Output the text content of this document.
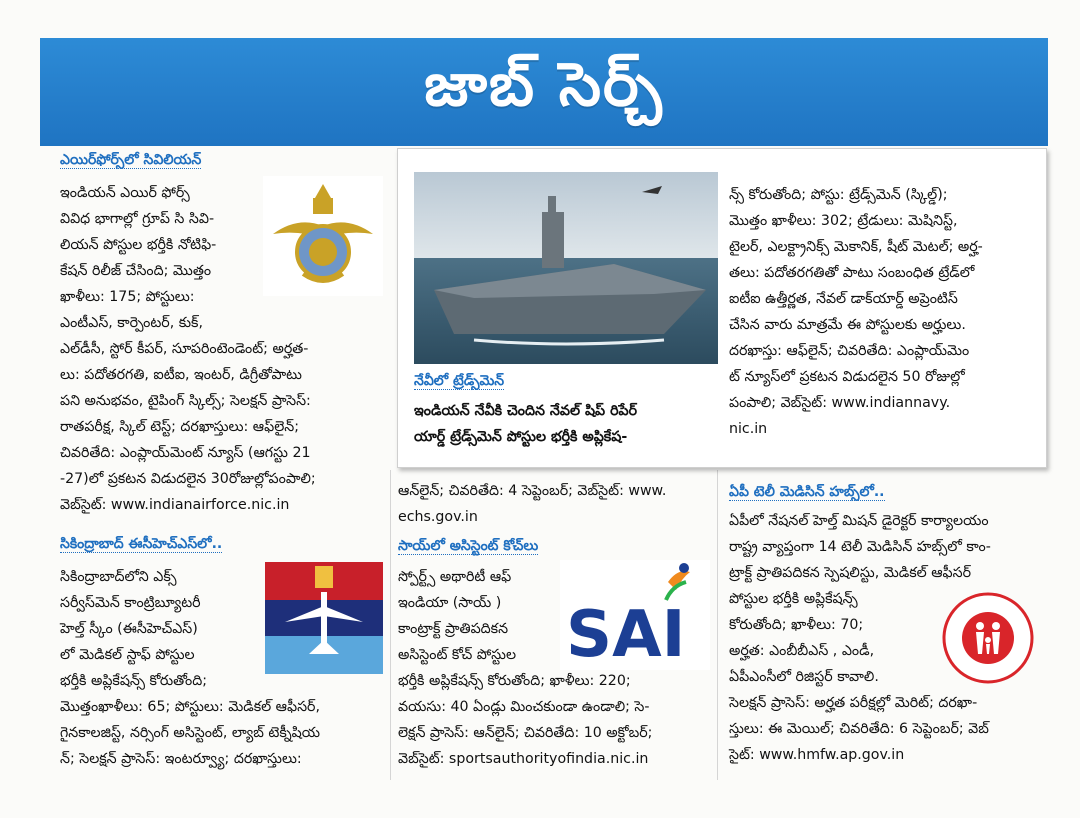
జాబ్ సెర్చ్
ఎయిర్‌ఫోర్స్‌లో సివిలియన్
ఇండియన్ ఎయిర్ ఫోర్స్
వివిధ భాగాల్లో గ్రూప్ సి సివి-
లియన్ పోస్టుల భర్తీకి నోటిఫి-
కేషన్ రిలీజ్ చేసింది; మొత్తం
ఖాళీలు: 175; పోస్టులు:
ఎంటీఎస్, కార్పెంటర్, కుక్,
ఎల్‌డీసీ, స్టోర్ కీపర్, సూపరింటెండెంట్; అర్హత-
లు: పదోతరగతి, ఐటీఐ, ఇంటర్, డిగ్రీతోపాటు
పని అనుభవం, టైపింగ్ స్కిల్స్; సెలక్షన్ ప్రాసెస్:
రాతపరీక్ష, స్కిల్ టెస్ట్; దరఖాస్తులు: ఆఫ్‌లైన్;
చివరితేది: ఎంప్లాయ్‌మెంట్ న్యూస్ (ఆగస్టు 21
-27)లో ప్రకటన విడుదలైన 30రోజుల్లోపంపాలి;
వెబ్‌సైట్: www.indianairforce.nic.in
సికింద్రాబాద్ ఈసీహెచ్ఎస్‌లో..
సికింద్రాబాద్‌లోని ఎక్స్
సర్వీస్‌మెన్ కాంట్రిబ్యూటరీ
హెల్త్ స్కీం (ఈసీహెచ్ఎస్)
లో మెడికల్ స్టాఫ్ పోస్టుల
భర్తీకి అప్లికేషన్స్ కోరుతోంది;
మొత్తంఖాళీలు: 65; పోస్టులు: మెడికల్ ఆఫీసర్,
గైనకాలజిస్ట్, నర్సింగ్ అసిస్టెంట్, ల్యాబ్ టెక్నీషియ
న్; సెలక్షన్ ప్రాసెస్: ఇంటర్వ్యూ; దరఖాస్తులు:
ఆన్‌లైన్; చివరితేది: 4 సెప్టెంబర్; వెబ్‌సైట్: www.
echs.gov.in
నేవీలో ట్రేడ్స్‌మెన్
ఇండియన్ నేవీకి చెందిన నేవల్ షిప్ రిపేర్
యార్డ్ ట్రేడ్స్‌మెన్ పోస్టుల భర్తీకి అప్లికేష-
న్స్ కోరుతోంది; పోస్టు: ట్రేడ్స్‌మెన్ (స్కిల్డ్);
మొత్తం ఖాళీలు: 302; ట్రేడులు: మెషినిస్ట్,
టైలర్, ఎలక్ట్రానిక్స్ మెకానిక్, షీట్ మెటల్; అర్హ-
తలు: పదోతరగతితో పాటు సంబంధిత ట్రేడ్‌లో
ఐటీఐ ఉత్తీర్ణత, నేవల్ డాక్‌యార్డ్ అప్రెంటిస్
చేసిన వారు మాత్రమే ఈ పోస్టులకు అర్హులు.
దరఖాస్తు: ఆఫ్‌లైన్; చివరితేది: ఎంప్లాయ్‌మెం
ట్ న్యూస్‌లో ప్రకటన విడుదలైన 50 రోజుల్లో
పంపాలి; వెబ్‌సైట్: www.indiannavy.
nic.in
సాయ్‌లో అసిస్టెంట్ కోచ్‌లు
SAI
స్పోర్ట్స్ అథారిటీ ఆఫ్
ఇండియా (సాయ్ )
కాంట్రాక్ట్ ప్రాతిపదికన
అసిస్టెంట్ కోచ్ పోస్టుల
భర్తీకి అప్లికేషన్స్ కోరుతోంది; ఖాళీలు: 220;
వయసు: 40 ఏండ్లు మించకుండా ఉండాలి; సె-
లెక్షన్ ప్రాసెస్: ఆన్‌లైన్; చివరితేది: 10 అక్టోబర్;
వెబ్‌సైట్: sportsauthorityofindia.nic.in
ఏపీ టెలీ మెడిసిన్ హబ్స్‌లో..
ఏపీలో నేషనల్ హెల్త్ మిషన్ డైరెక్టర్ కార్యాలయం
రాష్ట్ర వ్యాప్తంగా 14 టెలీ మెడిసిన్ హబ్స్‌లో కాం-
ట్రాక్ట్ ప్రాతిపదికన స్పెషలిస్టు, మెడికల్ ఆఫీసర్
పోస్టుల భర్తీకి అప్లికేషన్స్
కోరుతోంది; ఖాళీలు: 70;
అర్హత: ఎంబీబీఎస్ , ఎండీ,
ఏపీఎంసీలో రిజిస్టర్ కావాలి.
సెలక్షన్ ప్రాసెస్: అర్హత పరీక్షల్లో మెరిట్; దరఖా-
స్తులు: ఈ మెయిల్; చివరితేది: 6 సెప్టెంబర్; వెబ్
సైట్: www.hmfw.ap.gov.in
